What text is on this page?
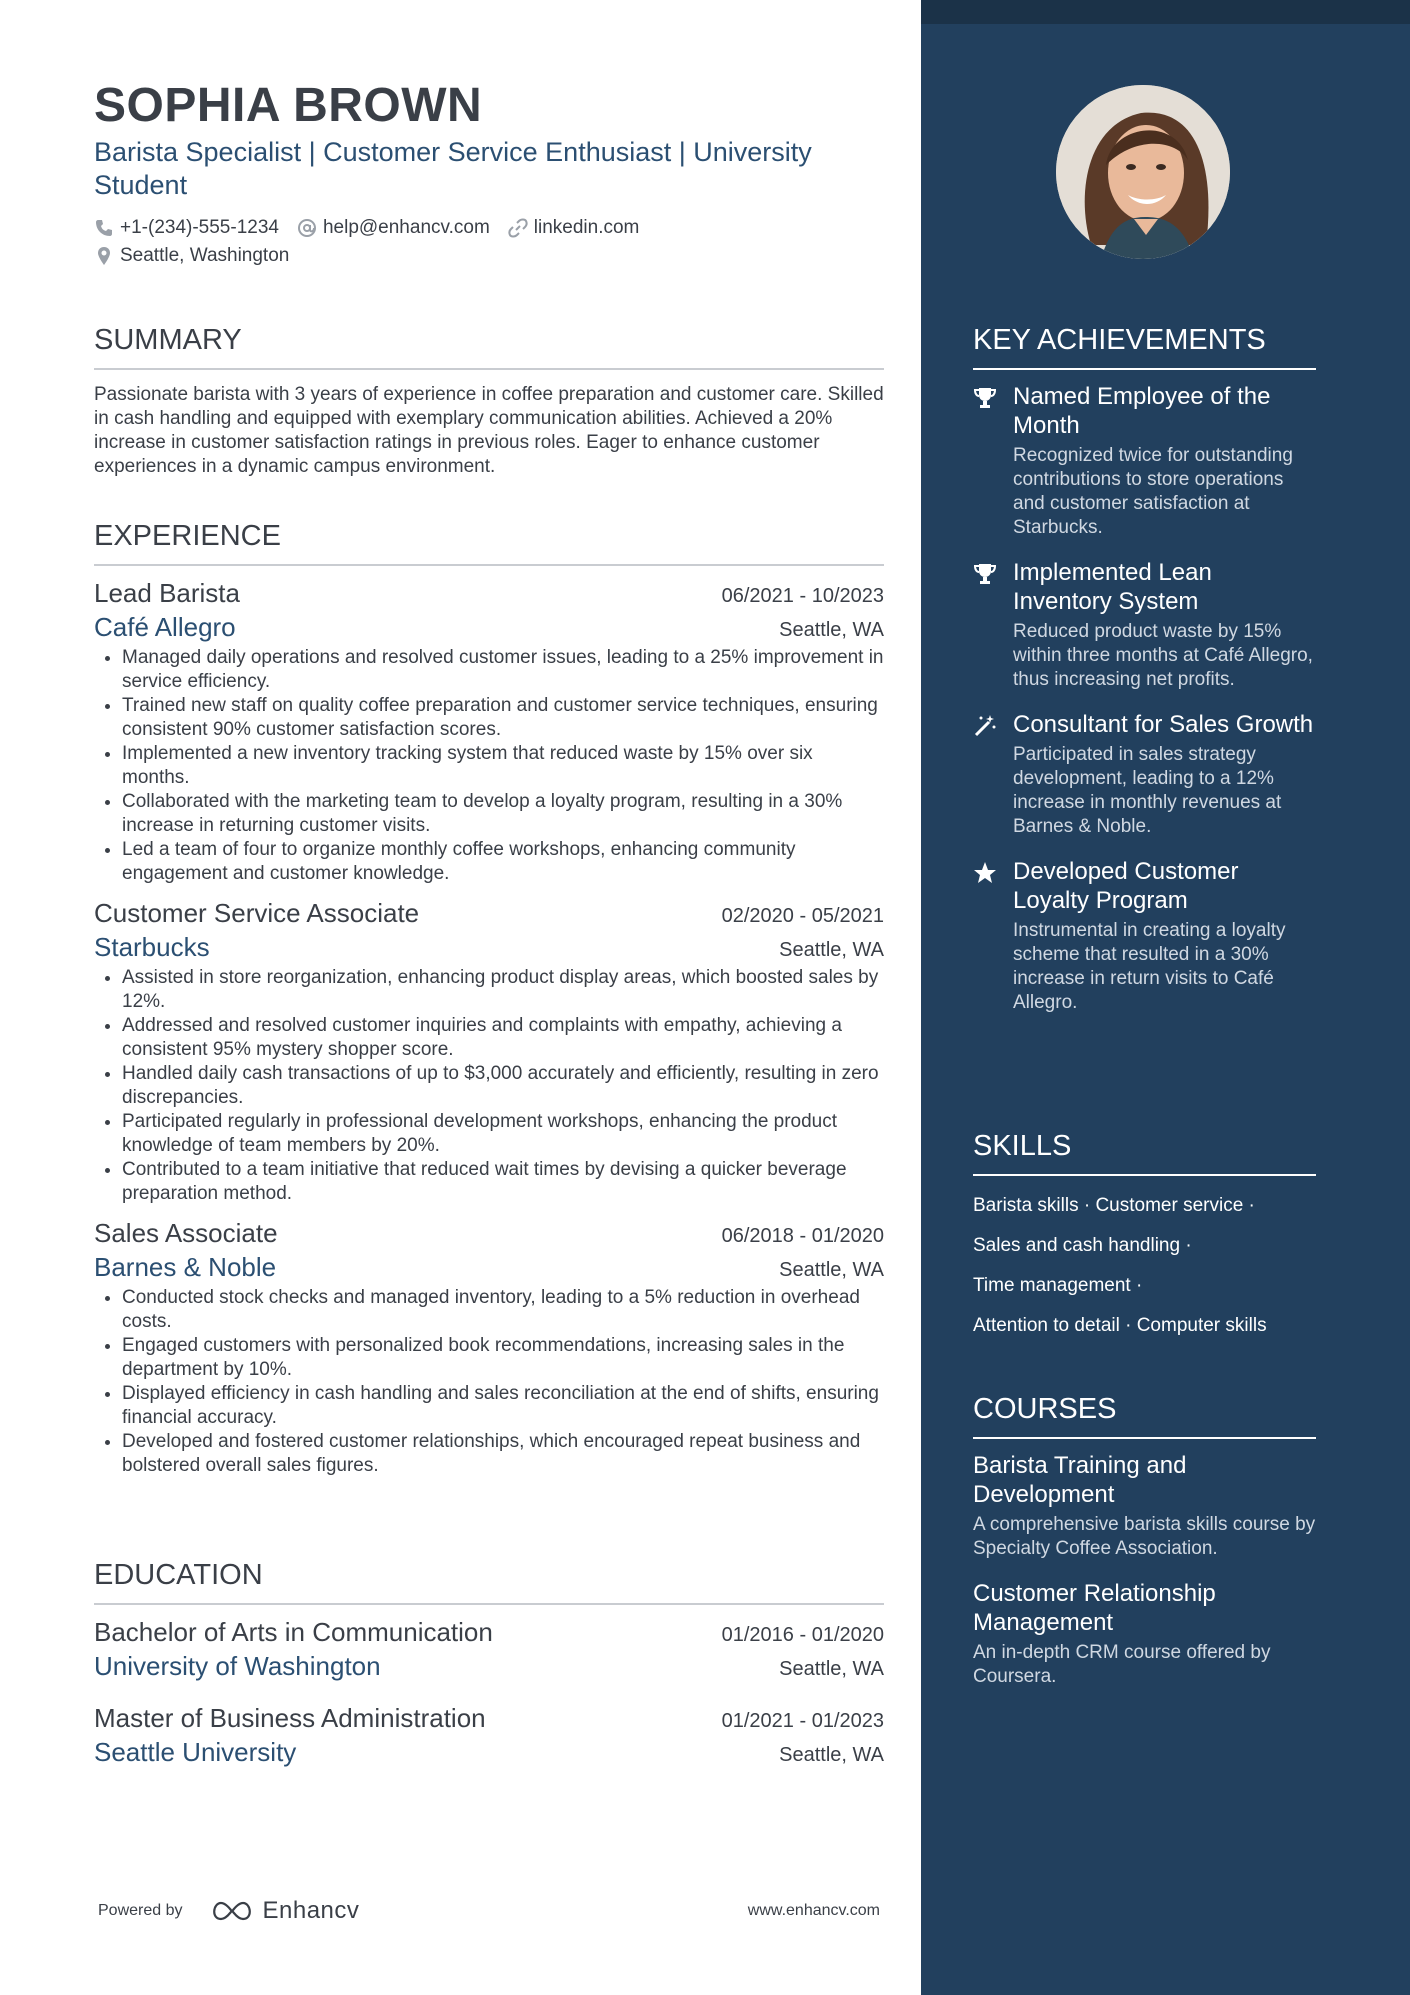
SOPHIA BROWN
Barista Specialist | Customer Service Enthusiast | University Student
+1-(234)-555-1234 help@enhancv.com linkedin.com
Seattle, Washington
SUMMARY
Passionate barista with 3 years of experience in coffee preparation and customer care. Skilled in cash handling and equipped with exemplary communication abilities. Achieved a 20% increase in customer satisfaction ratings in previous roles. Eager to enhance customer experiences in a dynamic campus environment.
EXPERIENCE
Lead Barista	06/2021 - 10/2023
Café Allegro	Seattle, WA
• Managed daily operations and resolved customer issues, leading to a 25% improvement in service efficiency.
• Trained new staff on quality coffee preparation and customer service techniques, ensuring consistent 90% customer satisfaction scores.
• Implemented a new inventory tracking system that reduced waste by 15% over six months.
• Collaborated with the marketing team to develop a loyalty program, resulting in a 30% increase in returning customer visits.
• Led a team of four to organize monthly coffee workshops, enhancing community engagement and customer knowledge.
Customer Service Associate	02/2020 - 05/2021
Starbucks	Seattle, WA
• Assisted in store reorganization, enhancing product display areas, which boosted sales by 12%.
• Addressed and resolved customer inquiries and complaints with empathy, achieving a consistent 95% mystery shopper score.
• Handled daily cash transactions of up to $3,000 accurately and efficiently, resulting in zero discrepancies.
• Participated regularly in professional development workshops, enhancing the product knowledge of team members by 20%.
• Contributed to a team initiative that reduced wait times by devising a quicker beverage preparation method.
Sales Associate	06/2018 - 01/2020
Barnes & Noble	Seattle, WA
• Conducted stock checks and managed inventory, leading to a 5% reduction in overhead costs.
• Engaged customers with personalized book recommendations, increasing sales in the department by 10%.
• Displayed efficiency in cash handling and sales reconciliation at the end of shifts, ensuring financial accuracy.
• Developed and fostered customer relationships, which encouraged repeat business and bolstered overall sales figures.
EDUCATION
Bachelor of Arts in Communication	01/2016 - 01/2020
University of Washington	Seattle, WA
Master of Business Administration	01/2021 - 01/2023
Seattle University	Seattle, WA
Powered by	Enhancv	www.enhancv.com
KEY ACHIEVEMENTS
Named Employee of the Month
Recognized twice for outstanding contributions to store operations and customer satisfaction at Starbucks.
Implemented Lean Inventory System
Reduced product waste by 15% within three months at Café Allegro, thus increasing net profits.
Consultant for Sales Growth
Participated in sales strategy development, leading to a 12% increase in monthly revenues at Barnes & Noble.
Developed Customer Loyalty Program
Instrumental in creating a loyalty scheme that resulted in a 30% increase in return visits to Café Allegro.
SKILLS
Barista skills · Customer service ·
Sales and cash handling ·
Time management ·
Attention to detail · Computer skills
COURSES
Barista Training and Development
A comprehensive barista skills course by Specialty Coffee Association.
Customer Relationship Management
An in-depth CRM course offered by Coursera.
